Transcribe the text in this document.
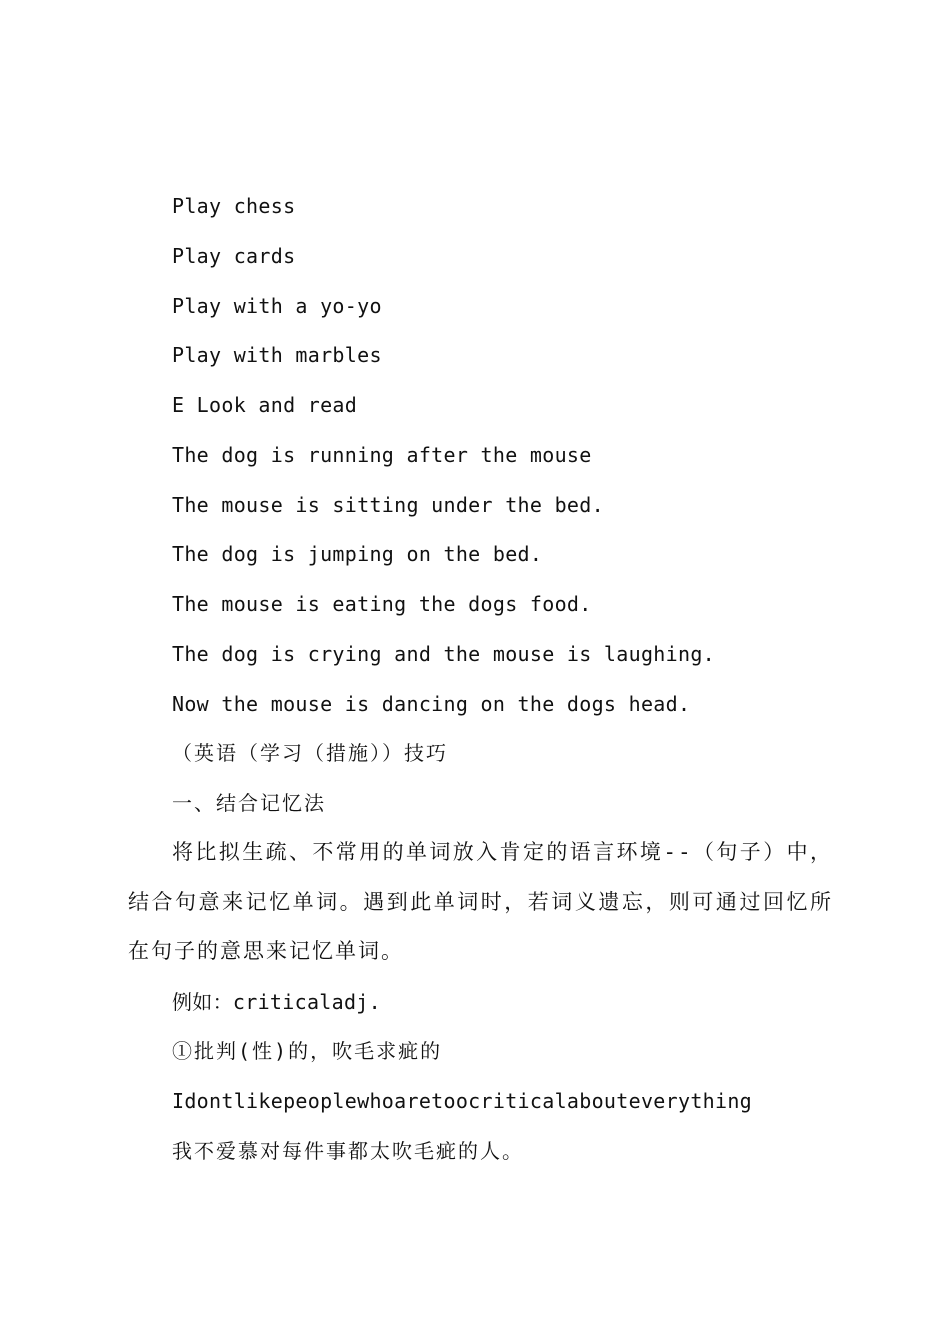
Play chess
Play cards
Play with a yo-yo
Play with marbles
E Look and read
The dog is running after the mouse
The mouse is sitting under the bed.
The dog is jumping on the bed.
The mouse is eating the dogs food.
The dog is crying and the mouse is laughing.
Now the mouse is dancing on the dogs head.
（英语（学习（措施））技巧
一、结合记忆法
将比拟生疏、不常用的单词放入肯定的语言环境--（句子）中，结合句意来记忆单词。遇到此单词时，若词义遗忘，则可通过回忆所在句子的意思来记忆单词。
例如：criticaladj.
①批判(性)的，吹毛求疵的
Idontlikepeoplewhoaretoocriticalabouteverything
我不爱慕对每件事都太吹毛疵的人。
